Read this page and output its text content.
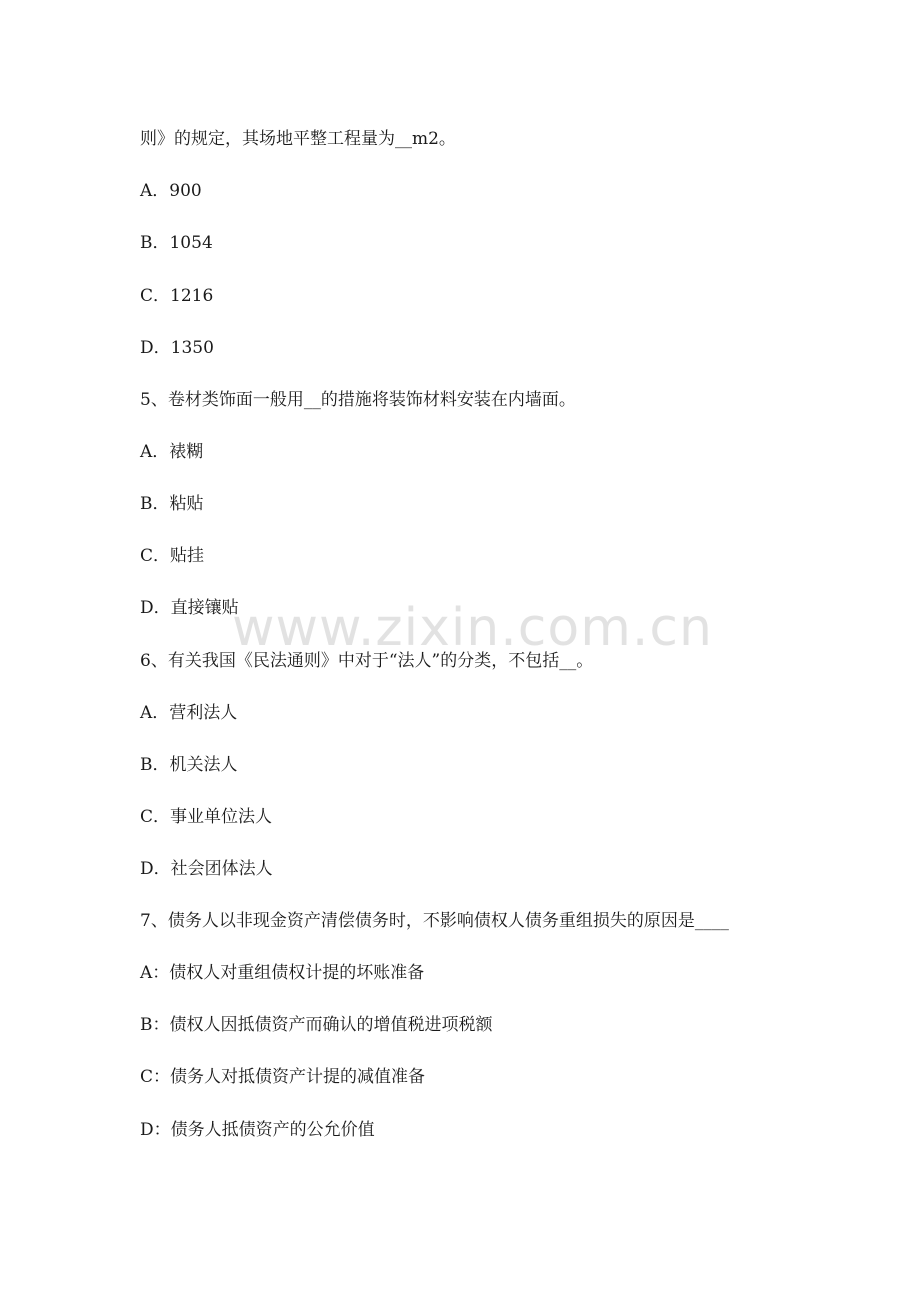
则》的规定，其场地平整工程量为__m2。
A．900
B．1054
C．1216
D．1350
5、卷材类饰面一般用__的措施将装饰材料安装在内墙面。
A．裱糊
B．粘贴
C．贴挂
D．直接镶贴
6、有关我国《民法通则》中对于“法人”的分类，不包括__。
A．营利法人
B．机关法人
C．事业单位法人
D．社会团体法人
7、债务人以非现金资产清偿债务时，不影响债权人债务重组损失的原因是____
A：债权人对重组债权计提的坏账准备
B：债权人因抵债资产而确认的增值税进项税额
C：债务人对抵债资产计提的减值准备
D：债务人抵债资产的公允价值
www.zixin.com.cn
